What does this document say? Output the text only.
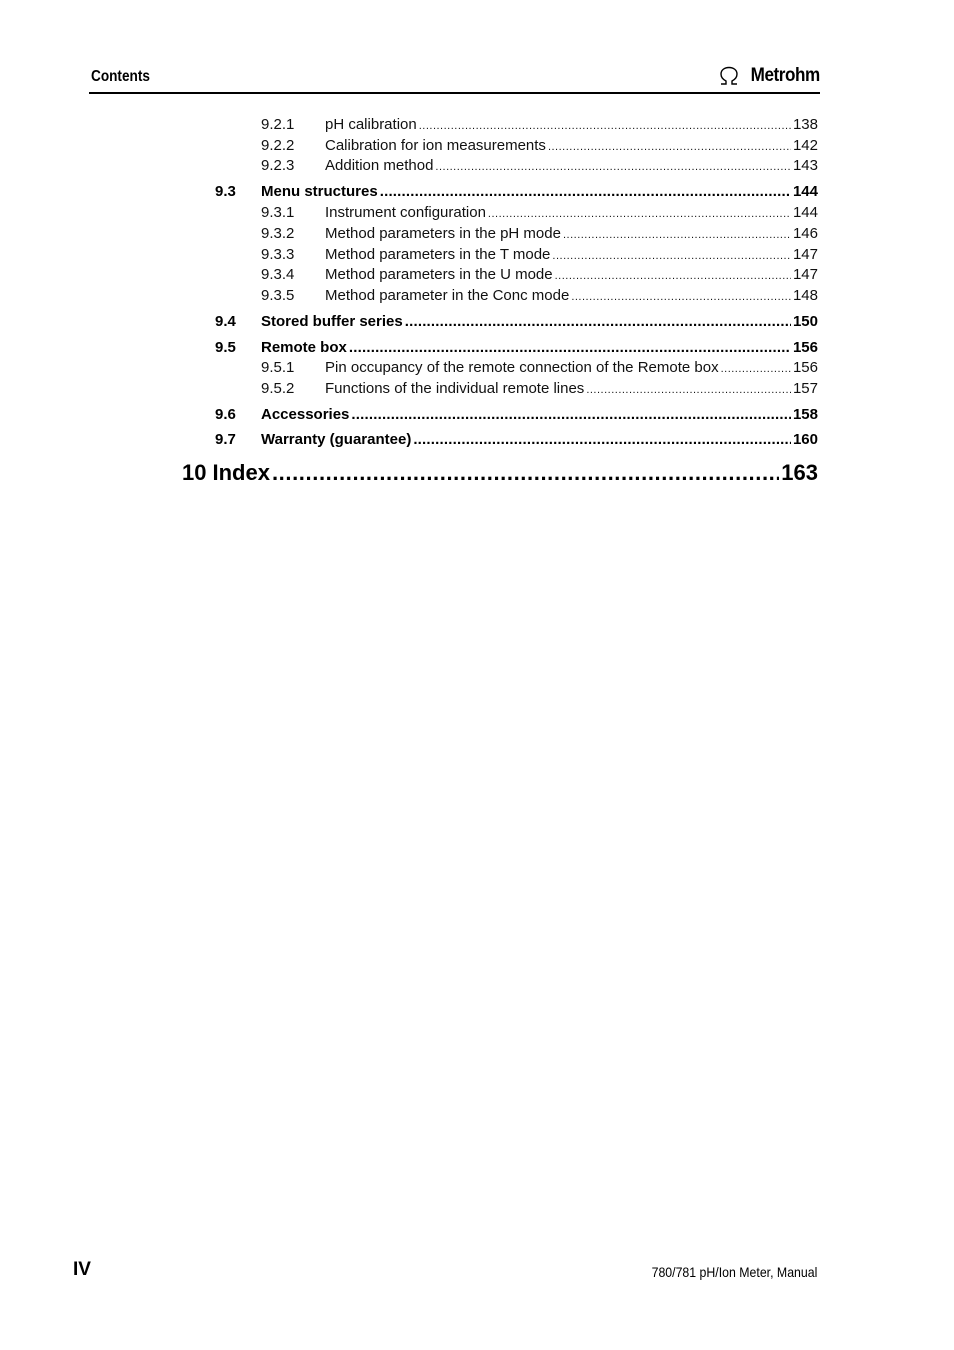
Contents	Metrohm
9.2.1 pH calibration .....	138
9.2.2 Calibration for ion measurements .....	142
9.2.3 Addition method .....	143
9.3 Menu structures .....	144
9.3.1 Instrument configuration .....	144
9.3.2 Method parameters in the pH mode .....	146
9.3.3 Method parameters in the T mode .....	147
9.3.4 Method parameters in the U mode .....	147
9.3.5 Method parameter in the Conc mode .....	148
9.4 Stored buffer series .....	150
9.5 Remote box .....	156
9.5.1 Pin occupancy of the remote connection of the Remote box .....	156
9.5.2 Functions of the individual remote lines .....	157
9.6 Accessories .....	158
9.7 Warranty (guarantee) .....	160
10 Index .....	163
IV	780/781 pH/Ion Meter, Manual
